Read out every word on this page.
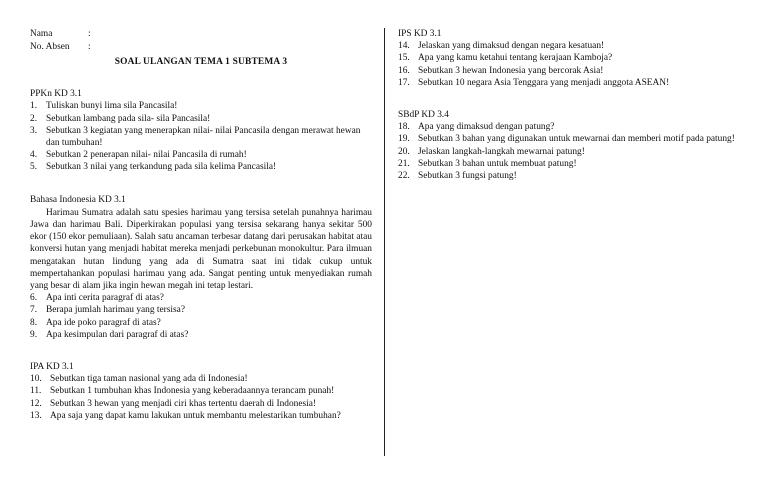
Nama	:
No. Absen :
SOAL ULANGAN TEMA 1 SUBTEMA 3
PPKn KD 3.1
1. Tuliskan bunyi lima sila Pancasila!
2. Sebutkan lambang pada sila- sila Pancasila!
3. Sebutkan 3 kegiatan yang menerapkan nilai- nilai Pancasila dengan merawat hewan dan tumbuhan!
4. Sebutkan 2 penerapan nilai- nilai Pancasila di rumah!
5. Sebutkan 3 nilai yang terkandung pada sila kelima Pancasila!
Bahasa Indonesia KD 3.1

Harimau Sumatra adalah satu spesies harimau yang tersisa setelah punahnya harimau Jawa dan harimau Bali. Diperkirakan populasi yang tersisa sekarang hanya sekitar 500 ekor (150 ekor pemuliaan). Salah satu ancaman terbesar datang dari perusakan habitat atau konversi hutan yang menjadi habitat mereka menjadi perkebunan monokultur. Para ilmuan mengatakan hutan lindung yang ada di Sumatra saat ini tidak cukup untuk mempertahankan populasi harimau yang ada. Sangat penting untuk menyediakan rumah yang besar di alam jika ingin hewan megah ini tetap lestari.

6. Apa inti cerita paragraf di atas?
7. Berapa jumlah harimau yang tersisa?
8. Apa ide poko paragraf di atas?
9. Apa kesimpulan dari paragraf di atas?
IPA KD 3.1
10. Sebutkan tiga taman nasional yang ada di Indonesia!
11. Sebutkan 1 tumbuhan khas Indonesia yang keberadaannya terancam punah!
12. Sebutkan 3 hewan yang menjadi ciri khas tertentu daerah di Indonesia!
13. Apa saja yang dapat kamu lakukan untuk membantu melestarikan tumbuhan?
IPS KD 3.1
14. Jelaskan yang dimaksud dengan negara kesatuan!
15. Apa yang kamu ketahui tentang kerajaan Kamboja?
16. Sebutkan 3 hewan Indonesia yang bercorak Asia!
17. Sebutkan 10 negara Asia Tenggara yang menjadi anggota ASEAN!
SBdP KD 3.4
18. Apa yang dimaksud dengan patung?
19. Sebutkan 3 bahan yang digunakan untuk mewarnai dan memberi motif pada patung!
20. Jelaskan langkah-langkah mewarnai patung!
21. Sebutkan 3 bahan untuk membuat patung!
22. Sebutkan 3 fungsi patung!
